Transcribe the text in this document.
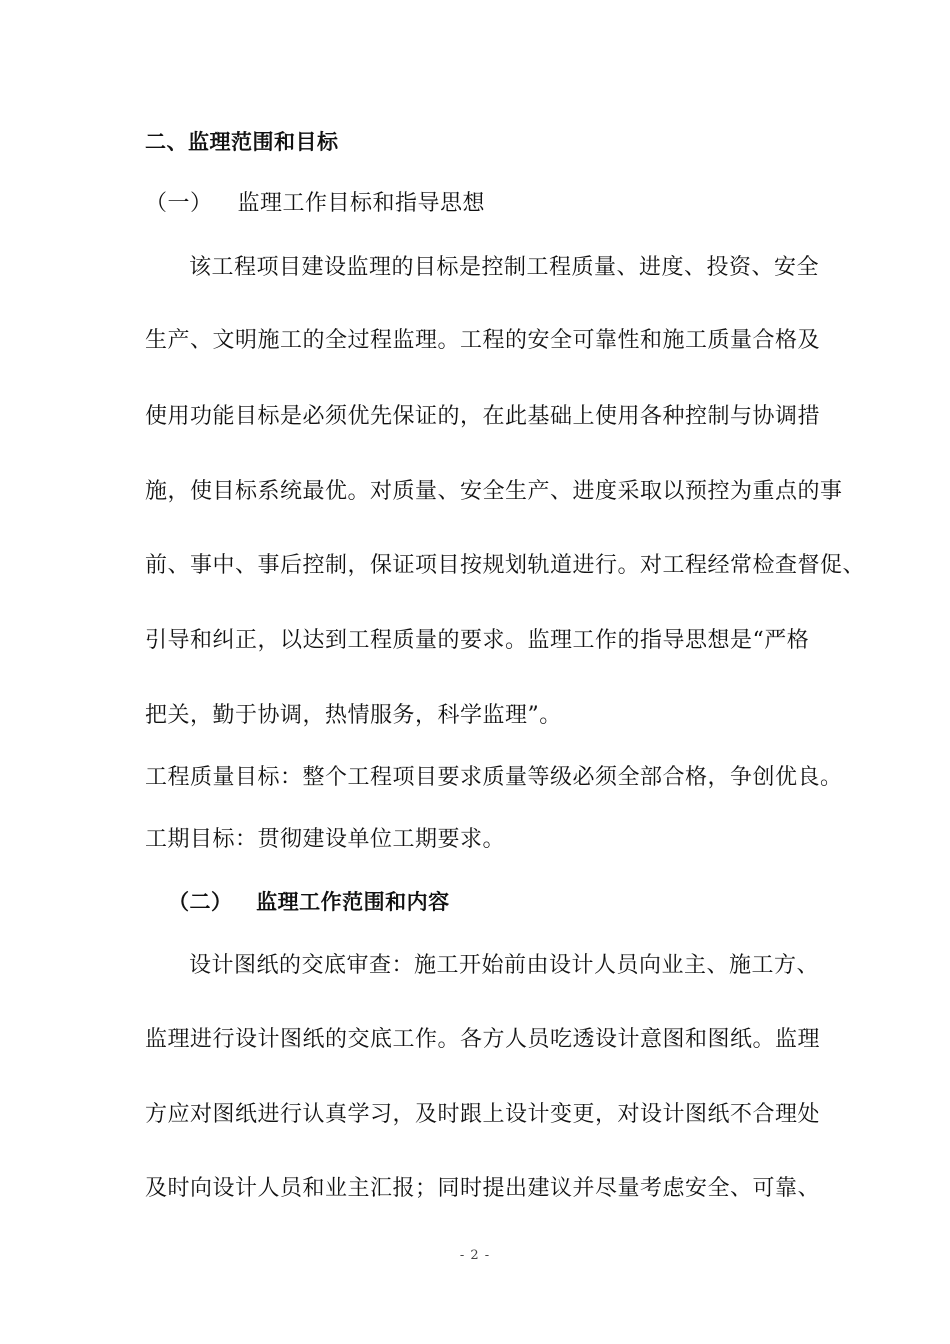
二、监理范围和目标
（一） 监理工作目标和指导思想
该工程项目建设监理的目标是控制工程质量、进度、投资、安全
生产、文明施工的全过程监理。工程的安全可靠性和施工质量合格及
使用功能目标是必须优先保证的，在此基础上使用各种控制与协调措
施，使目标系统最优。对质量、安全生产、进度采取以预控为重点的事
前、事中、事后控制，保证项目按规划轨道进行。对工程经常检查督促、
引导和纠正，以达到工程质量的要求。监理工作的指导思想是“严格
把关，勤于协调，热情服务，科学监理”。
工程质量目标：整个工程项目要求质量等级必须全部合格，争创优良。
工期目标：贯彻建设单位工期要求。
（二） 监理工作范围和内容
设计图纸的交底审查：施工开始前由设计人员向业主、施工方、
监理进行设计图纸的交底工作。各方人员吃透设计意图和图纸。监理
方应对图纸进行认真学习，及时跟上设计变更，对设计图纸不合理处
及时向设计人员和业主汇报；同时提出建议并尽量考虑安全、可靠、
- 2 -
